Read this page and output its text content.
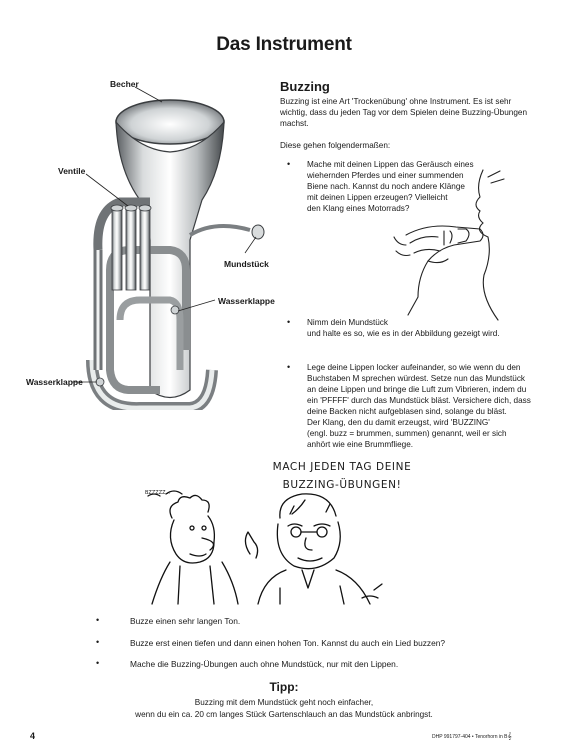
Das Instrument
Becher
Ventile
Mundstück
Wasserklappe
Wasserklappe
Buzzing
Buzzing ist eine Art 'Trockenübung' ohne Instrument. Es ist sehr wichtig, dass du jeden Tag vor dem Spielen deine Buzzing-Übungen machst.
Diese gehen folgendermaßen:
• Mache mit deinen Lippen das Geräusch eines
wiehernden Pferdes und einer summenden
Biene nach. Kannst du noch andere Klänge
mit deinen Lippen erzeugen? Vielleicht
den Klang eines Motorrads?
• Nimm dein Mundstück
und halte es so, wie es in der Abbildung gezeigt wird.
• Lege deine Lippen locker aufeinander, so wie wenn du den
Buchstaben M sprechen würdest. Setze nun das Mundstück
an deine Lippen und bringe die Luft zum Vibrieren, indem du
ein 'PFFFF' durch das Mundstück bläst. Versichere dich, dass
deine Backen nicht aufgeblasen sind, solange du bläst.
Der Klang, den du damit erzeugst, wird 'BUZZING'
(engl. buzz = brummen, summen) genannt, weil er sich
anhört wie eine Brummfliege.
MACH JEDEN TAG DEINE
BUZZING-ÜBUNGEN!
BZZZZZ...
•	Buzze einen sehr langen Ton.
•	Buzze erst einen tiefen und dann einen hohen Ton. Kannst du auch ein Lied buzzen?
•	Mache die Buzzing-Übungen auch ohne Mundstück, nur mit den Lippen.
Tipp:
Buzzing mit dem Mundstück geht noch einfacher,
wenn du ein ca. 20 cm langes Stück Gartenschlauch an das Mundstück anbringst.
4	DHP 991797-404 • Tenorhorn in B𝄞
